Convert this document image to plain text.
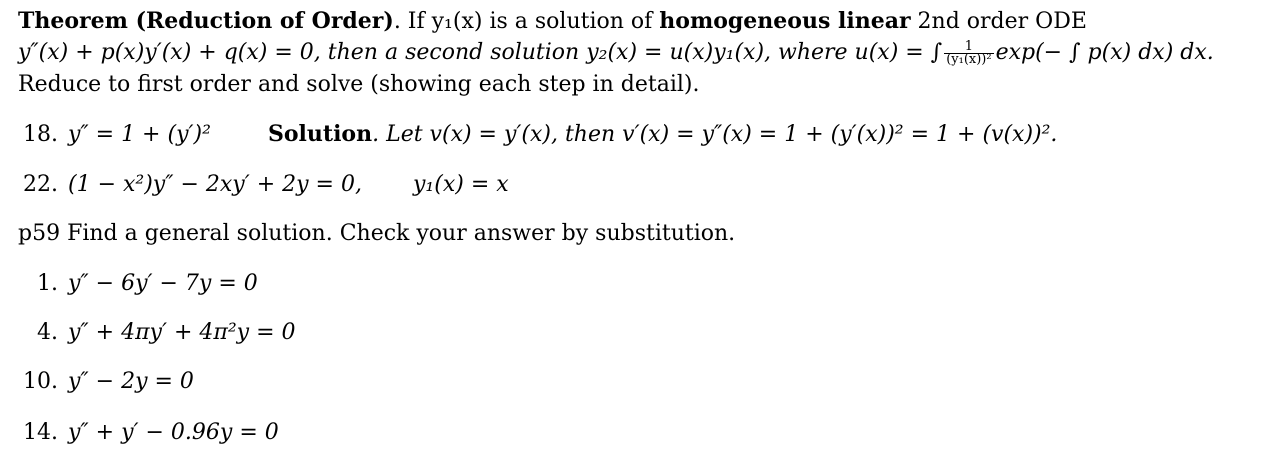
Theorem (Reduction of Order). If y₁(x) is a solution of homogeneous linear 2nd order ODE
y″(x) + p(x)y′(x) + q(x) = 0, then a second solution y₂(x) = u(x)y₁(x), where u(x) = ∫ $\frac{1}{\text{(y₁(x))²}} \exp(-$ ∫ p(x) dx) dx.
Reduce to first order and solve (showing each step in detail).
18. y″ = 1 + (y′)²	Solution. Let v(x) = y′(x), then v′(x) = y″(x) = 1 + (y′(x))² = 1 + (v(x))².
22. (1 − x²)y″ − 2xy′ + 2y = 0, y₁(x) = x
p59 Find a general solution. Check your answer by substitution.
1. y″ − 6y′ − 7y = 0
4. y″ + 4πy′ + 4π²y = 0
10. y″ − 2y = 0
14. y″ + y′ − 0.96y = 0
